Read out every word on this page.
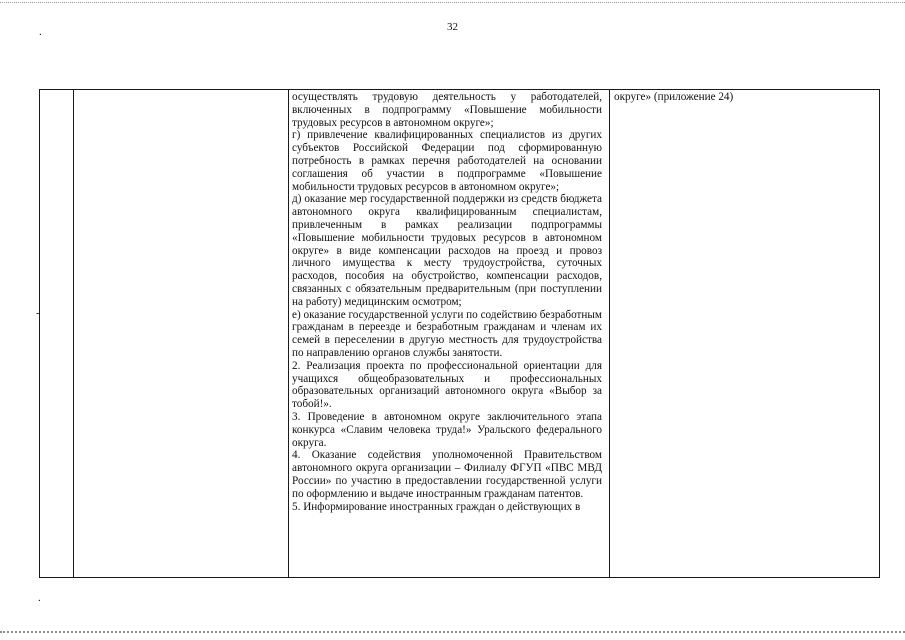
32
.
-
.

осуществлять трудовую деятельность у работодателей, включенных в подпрограмму «Повышение мобильности трудовых ресурсов в автономном округе»;

г) привлечение квалифицированных специалистов из других субъектов Российской Федерации под сформированную потребность в рамках перечня работодателей на основании соглашения об участии в подпрограмме «Повышение мобильности трудовых ресурсов в автономном округе»;

д) оказание мер государственной поддержки из средств бюджета автономного округа квалифицированным специалистам, привлеченным в рамках реализации подпрограммы «Повышение мобильности трудовых ресурсов в автономном округе» в виде компенсации расходов на проезд и провоз личного имущества к месту трудоустройства, суточных расходов, пособия на обустройство, компенсации расходов, связанных с обязательным предварительным (при поступлении на работу) медицинским осмотром;

е) оказание государственной услуги по содействию безработным гражданам в переезде и безработным гражданам и членам их семей в переселении в другую местность для трудоустройства по направлению органов службы занятости.

2. Реализация проекта по профессиональной ориентации для учащихся общеобразовательных и профессиональных образовательных организаций автономного округа «Выбор за тобой!».

3. Проведение в автономном округе заключительного этапа конкурса «Славим человека труда!» Уральского федерального округа.

4. Оказание содействия уполномоченной Правительством автономного округа организации – Филиалу ФГУП «ПВС МВД России» по участию в предоставлении государственной услуги по оформлению и выдаче иностранным гражданам патентов.

5. Информирование иностранных граждан о действующих в

округе» (приложение 24)
